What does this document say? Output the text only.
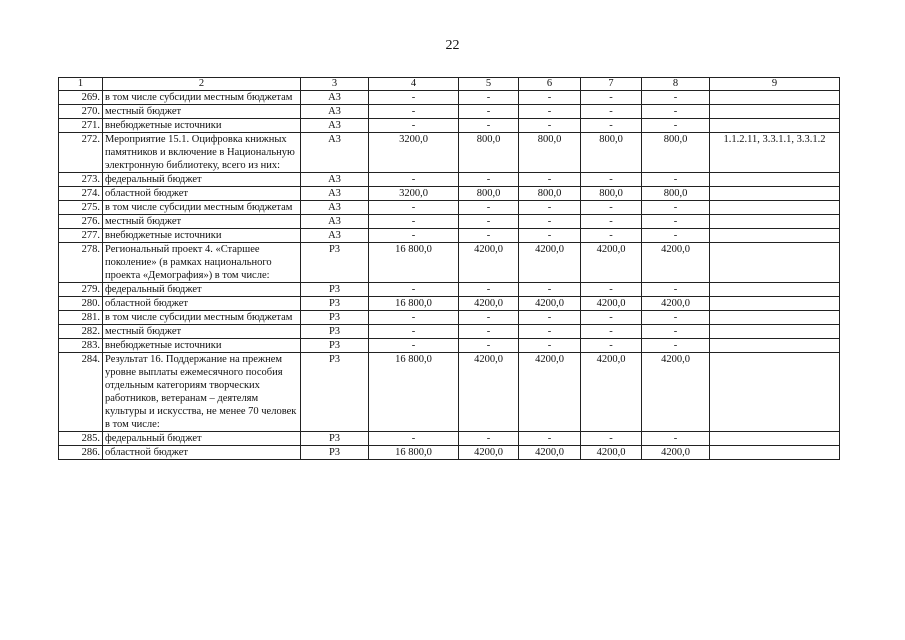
22
1	2	3	4	5	6	7	8	9
269.	в том числе субсидии местным бюджетам	А3	-	-	-	-	-	
270.	местный бюджет	А3	-	-	-	-	-	
271.	внебюджетные источники	А3	-	-	-	-	-	
272.	Мероприятие 15.1. Оцифровка книжных памятников и включение в Национальную электронную библиотеку, всего из них:	А3	3200,0	800,0	800,0	800,0	800,0	1.1.2.11, 3.3.1.1, 3.3.1.2
273.	федеральный бюджет	А3	-	-	-	-	-	
274.	областной бюджет	А3	3200,0	800,0	800,0	800,0	800,0	
275.	в том числе субсидии местным бюджетам	А3	-	-	-	-	-	
276.	местный бюджет	А3	-	-	-	-	-	
277.	внебюджетные источники	А3	-	-	-	-	-	
278.	Региональный проект 4. «Старшее поколение» (в рамках национального проекта «Демография») в том числе:	Р3	16 800,0	4200,0	4200,0	4200,0	4200,0	
279.	федеральный бюджет	Р3	-	-	-	-	-	
280.	областной бюджет	Р3	16 800,0	4200,0	4200,0	4200,0	4200,0	
281.	в том числе субсидии местным бюджетам	Р3	-	-	-	-	-	
282.	местный бюджет	Р3	-	-	-	-	-	
283.	внебюджетные источники	Р3	-	-	-	-	-	
284.	Результат 16. Поддержание на прежнем уровне выплаты ежемесячного пособия отдельным категориям творческих работников, ветеранам – деятелям культуры и искусства, не менее 70 человек в том числе:	Р3	16 800,0	4200,0	4200,0	4200,0	4200,0	
285.	федеральный бюджет	Р3	-	-	-	-	-	
286.	областной бюджет	Р3	16 800,0	4200,0	4200,0	4200,0	4200,0	
